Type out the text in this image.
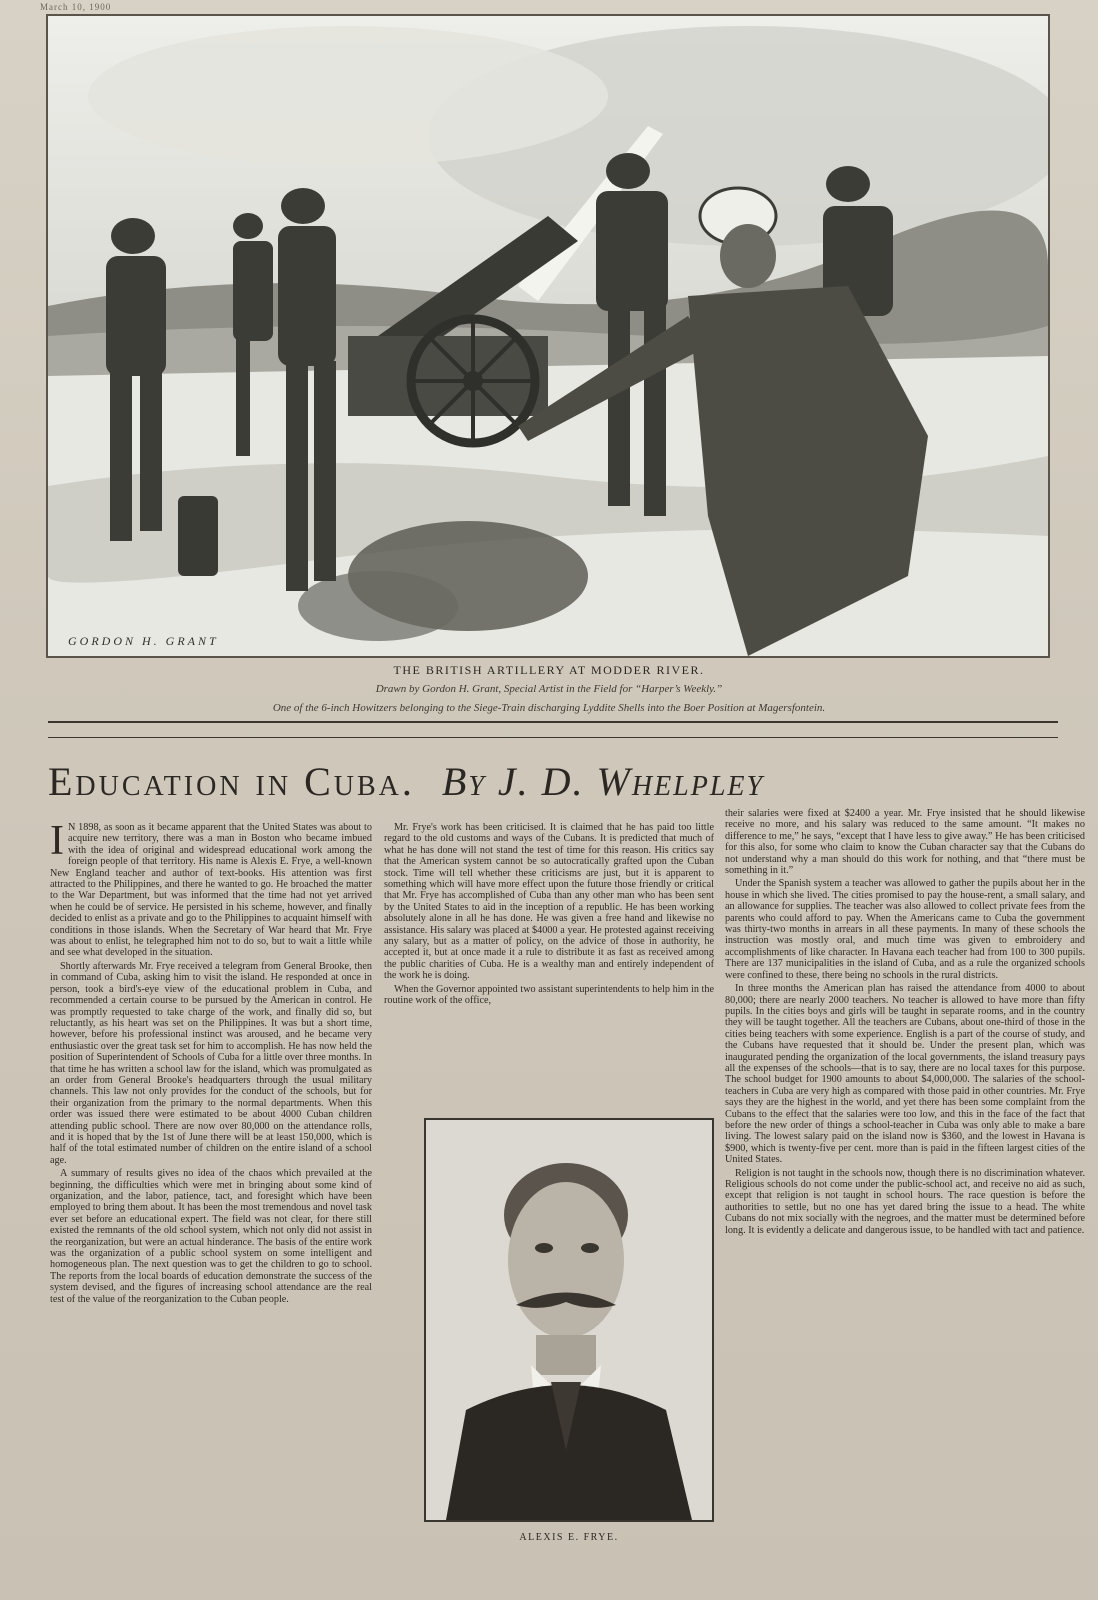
March 10, 1900
GORDON H. GRANT
THE BRITISH ARTILLERY AT MODDER RIVER.
Drawn by Gordon H. Grant, Special Artist in the Field for “Harper’s Weekly.”
One of the 6-inch Howitzers belonging to the Siege-Train discharging Lyddite Shells into the Boer Position at Magersfontein.
Education in Cuba. By J. D. Whelpley

I N 1898, as soon as it became apparent that the United States was about to acquire new territory, there was a man in Boston who became imbued with the idea of original and widespread educational work among the foreign people of that territory. His name is Alexis E. Frye, a well-known New England teacher and author of text-books. His attention was first attracted to the Philippines, and there he wanted to go. He broached the matter to the War Department, but was informed that the time had not yet arrived when he could be of service. He persisted in his scheme, however, and finally decided to enlist as a private and go to the Philippines to acquaint himself with conditions in those islands. When the Secretary of War heard that Mr. Frye was about to enlist, he telegraphed him not to do so, but to wait a little while and see what developed in the situation.

Shortly afterwards Mr. Frye received a telegram from General Brooke, then in command of Cuba, asking him to visit the island. He responded at once in person, took a bird's-eye view of the educational problem in Cuba, and recommended a certain course to be pursued by the American in control. He was promptly requested to take charge of the work, and finally did so, but reluctantly, as his heart was set on the Philippines. It was but a short time, however, before his professional instinct was aroused, and he became very enthusiastic over the great task set for him to accomplish. He has now held the position of Superintendent of Schools of Cuba for a little over three months. In that time he has written a school law for the island, which was promulgated as an order from General Brooke's headquarters through the usual military channels. This law not only provides for the conduct of the schools, but for their organization from the primary to the normal departments. When this order was issued there were estimated to be about 4000 Cuban children attending public school. There are now over 80,000 on the attendance rolls, and it is hoped that by the 1st of June there will be at least 150,000, which is half of the total estimated number of children on the entire island of a school age.

A summary of results gives no idea of the chaos which prevailed at the beginning, the difficulties which were met in bringing about some kind of organization, and the labor, patience, tact, and foresight which have been employed to bring them about. It has been the most tremendous and novel task ever set before an educational expert. The field was not clear, for there still existed the remnants of the old school system, which not only did not assist in the reorganization, but were an actual hinderance. The basis of the entire work was the organization of a public school system on some intelligent and homogeneous plan. The next question was to get the children to go to school. The reports from the local boards of education demonstrate the success of the system devised, and the figures of increasing school attendance are the real test of the value of the reorganization to the Cuban people.

Mr. Frye's work has been criticised. It is claimed that he has paid too little regard to the old customs and ways of the Cubans. It is predicted that much of what he has done will not stand the test of time for this reason. His critics say that the American system cannot be so autocratically grafted upon the Cuban stock. Time will tell whether these criticisms are just, but it is apparent to something which will have more effect upon the future those friendly or critical that Mr. Frye has accomplished of Cuba than any other man who has been sent by the United States to aid in the inception of a republic. He has been working absolutely alone in all he has done. He was given a free hand and likewise no assistance. His salary was placed at $4000 a year. He protested against receiving any salary, but as a matter of policy, on the advice of those in authority, he accepted it, but at once made it a rule to distribute it as fast as received among the public charities of Cuba. He is a wealthy man and entirely independent of the work he is doing.

When the Governor appointed two assistant superintendents to help him in the routine work of the office,

their salaries were fixed at $2400 a year. Mr. Frye insisted that he should likewise receive no more, and his salary was reduced to the same amount. “It makes no difference to me,” he says, “except that I have less to give away.” He has been criticised for this also, for some who claim to know the Cuban character say that the Cubans do not understand why a man should do this work for nothing, and that “there must be something in it.”

Under the Spanish system a teacher was allowed to gather the pupils about her in the house in which she lived. The cities promised to pay the house-rent, a small salary, and an allowance for supplies. The teacher was also allowed to collect private fees from the parents who could afford to pay. When the Americans came to Cuba the government was thirty-two months in arrears in all these payments. In many of these schools the instruction was mostly oral, and much time was given to embroidery and accomplishments of like character. In Havana each teacher had from 100 to 300 pupils. There are 137 municipalities in the island of Cuba, and as a rule the organized schools were confined to these, there being no schools in the rural districts.

In three months the American plan has raised the attendance from 4000 to about 80,000; there are nearly 2000 teachers. No teacher is allowed to have more than fifty pupils. In the cities boys and girls will be taught in separate rooms, and in the country they will be taught together. All the teachers are Cubans, about one-third of those in the cities being teachers with some experience. English is a part of the course of study, and the Cubans have requested that it should be. Under the present plan, which was inaugurated pending the organization of the local governments, the island treasury pays all the expenses of the schools—that is to say, there are no local taxes for this purpose. The school budget for 1900 amounts to about $4,000,000. The salaries of the school-teachers in Cuba are very high as compared with those paid in other countries. Mr. Frye says they are the highest in the world, and yet there has been some complaint from the Cubans to the effect that the salaries were too low, and this in the face of the fact that before the new order of things a school-teacher in Cuba was only able to make a bare living. The lowest salary paid on the island now is $360, and the lowest in Havana is $900, which is twenty-five per cent. more than is paid in the fifteen largest cities of the United States.

Religion is not taught in the schools now, though there is no discrimination whatever. Religious schools do not come under the public-school act, and receive no aid as such, except that religion is not taught in school hours. The race question is before the authorities to settle, but no one has yet dared bring the issue to a head. The white Cubans do not mix socially with the negroes, and the matter must be determined before long. It is evidently a delicate and dangerous issue, to be handled with tact and patience.

ALEXIS E. FRYE.
